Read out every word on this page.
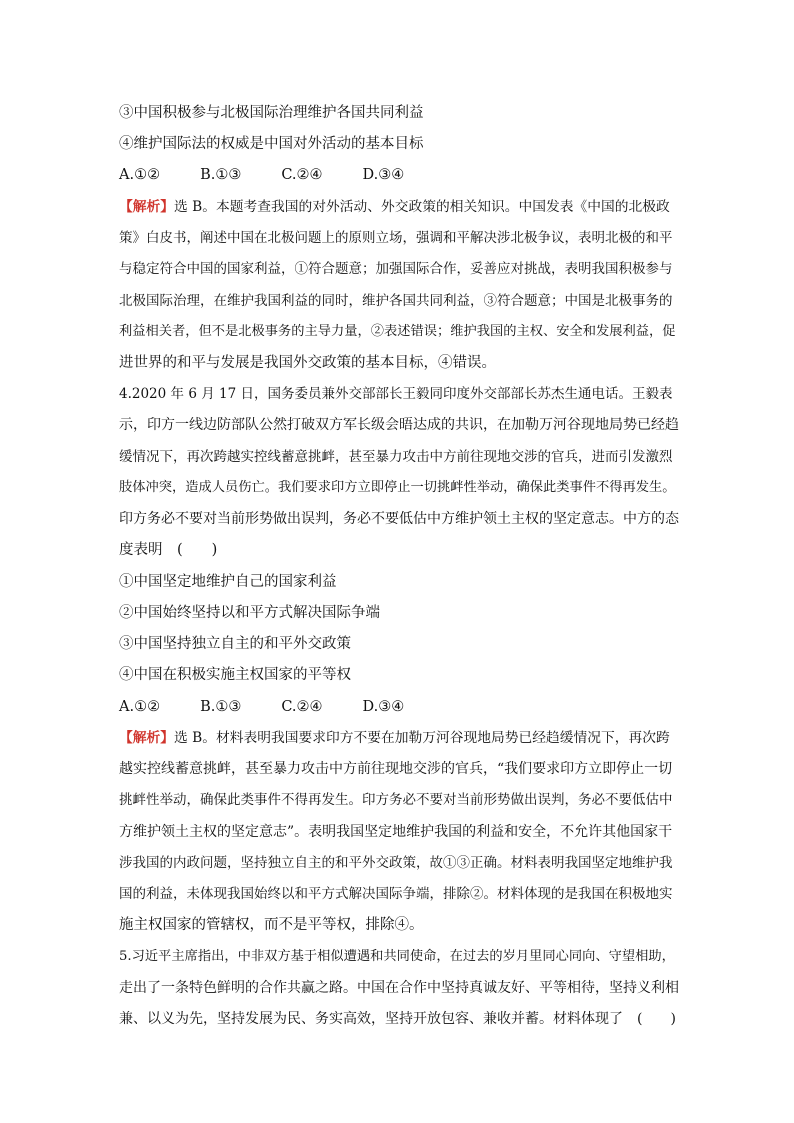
③中国积极参与北极国际治理维护各国共同利益
④维护国际法的权威是中国对外活动的基本目标
A.①②	B.①③	C.②④	D.③④
【解析】选 B。本题考查我国的对外活动、外交政策的相关知识。中国发表《中国的北极政
策》白皮书，阐述中国在北极问题上的原则立场，强调和平解决涉北极争议，表明北极的和平
与稳定符合中国的国家利益，①符合题意；加强国际合作，妥善应对挑战，表明我国积极参与
北极国际治理，在维护我国利益的同时，维护各国共同利益，③符合题意；中国是北极事务的
利益相关者，但不是北极事务的主导力量，②表述错误；维护我国的主权、安全和发展利益，促
进世界的和平与发展是我国外交政策的基本目标，④错误。
4.2020 年 6 月 17 日，国务委员兼外交部部长王毅同印度外交部部长苏杰生通电话。王毅表
示，印方一线边防部队公然打破双方军长级会晤达成的共识，在加勒万河谷现地局势已经趋
缓情况下，再次跨越实控线蓄意挑衅，甚至暴力攻击中方前往现地交涉的官兵，进而引发激烈
肢体冲突，造成人员伤亡。我们要求印方立即停止一切挑衅性举动，确保此类事件不得再发生。
印方务必不要对当前形势做出误判，务必不要低估中方维护领土主权的坚定意志。中方的态
度表明　(　　)
①中国坚定地维护自己的国家利益
②中国始终坚持以和平方式解决国际争端
③中国坚持独立自主的和平外交政策
④中国在积极实施主权国家的平等权
A.①②	B.①③	C.②④	D.③④
【解析】选 B。材料表明我国要求印方不要在加勒万河谷现地局势已经趋缓情况下，再次跨
越实控线蓄意挑衅，甚至暴力攻击中方前往现地交涉的官兵，“我们要求印方立即停止一切
挑衅性举动，确保此类事件不得再发生。印方务必不要对当前形势做出误判，务必不要低估中
方维护领土主权的坚定意志”。表明我国坚定地维护我国的利益和安全，不允许其他国家干
涉我国的内政问题，坚持独立自主的和平外交政策，故①③正确。材料表明我国坚定地维护我
国的利益，未体现我国始终以和平方式解决国际争端，排除②。材料体现的是我国在积极地实
施主权国家的管辖权，而不是平等权，排除④。
5.习近平主席指出，中非双方基于相似遭遇和共同使命，在过去的岁月里同心同向、守望相助，
走出了一条特色鲜明的合作共赢之路。中国在合作中坚持真诚友好、平等相待，坚持义利相
兼、以义为先，坚持发展为民、务实高效，坚持开放包容、兼收并蓄。材料体现了　(　　)
